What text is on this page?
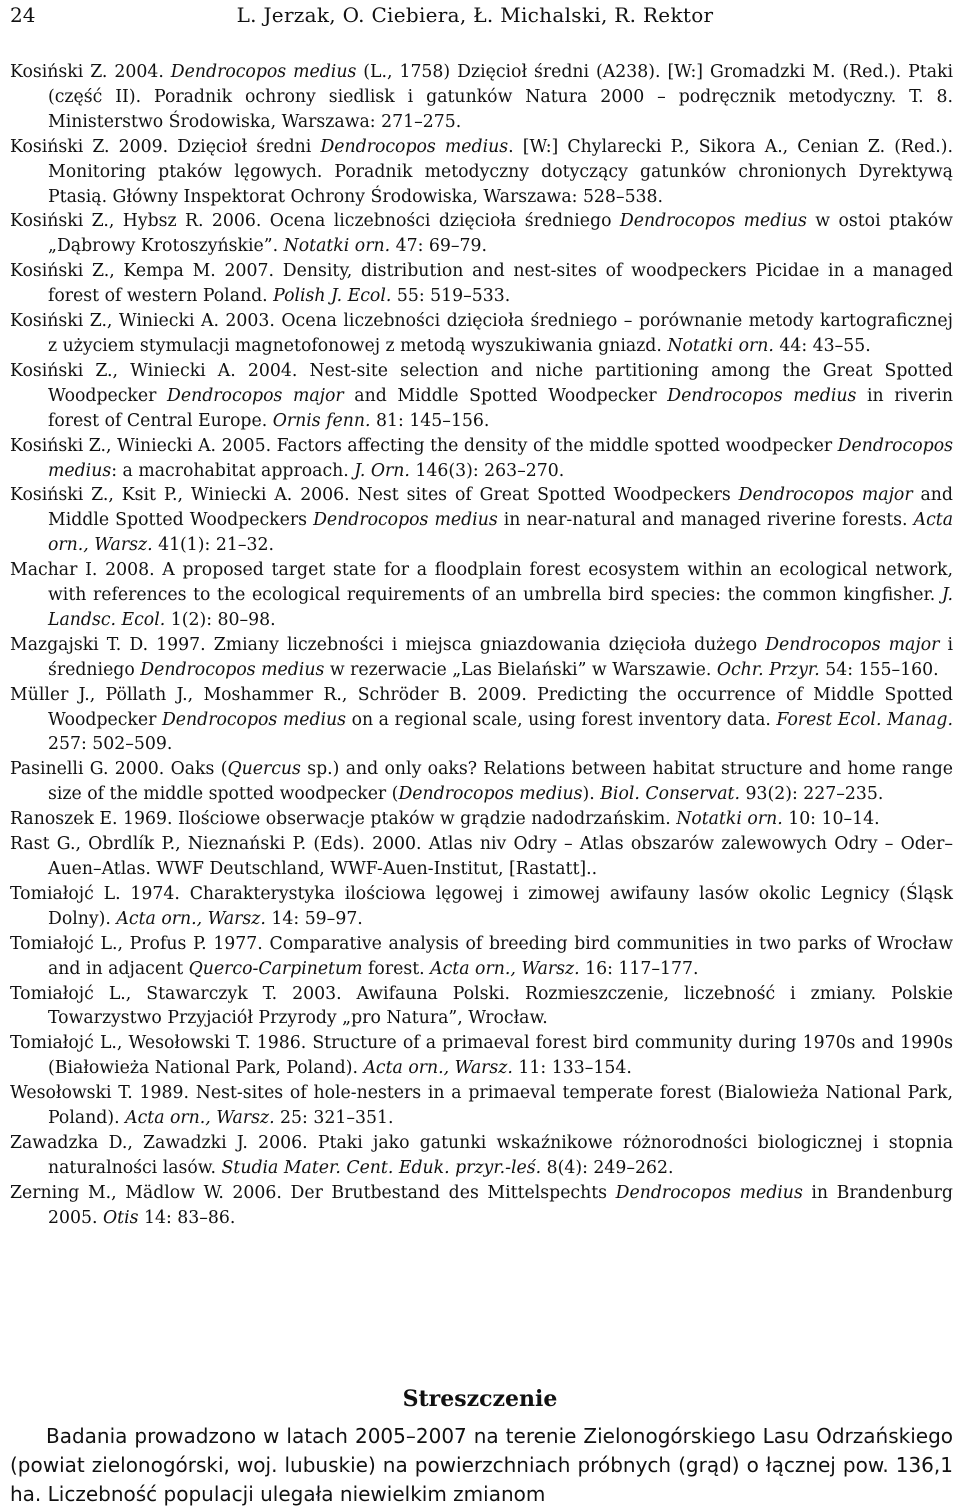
24	L. Jerzak, O. Ciebiera, Ł. Michalski, R. Rektor
Kosiński Z. 2004. Dendrocopos medius (L., 1758) Dzięcioł średni (A238). [W:] Gromadzki M. (Red.). Ptaki (część II). Poradnik ochrony siedlisk i gatunków Natura 2000 – podręcznik metodyczny. T. 8. Ministerstwo Środowiska, Warszawa: 271–275.
Kosiński Z. 2009. Dzięcioł średni Dendrocopos medius. [W:] Chylarecki P., Sikora A., Cenian Z. (Red.). Monitoring ptaków lęgowych. Poradnik metodyczny dotyczący gatunków chronionych Dyrektywą Ptasią. Główny Inspektorat Ochrony Środowiska, Warszawa: 528–538.
Kosiński Z., Hybsz R. 2006. Ocena liczebności dzięcioła średniego Dendrocopos medius w ostoi ptaków „Dąbrowy Krotoszyńskie”. Notatki orn. 47: 69–79.
Kosiński Z., Kempa M. 2007. Density, distribution and nest-sites of woodpeckers Picidae in a managed forest of western Poland. Polish J. Ecol. 55: 519–533.
Kosiński Z., Winiecki A. 2003. Ocena liczebności dzięcioła średniego – porównanie metody kartograficznej z użyciem stymulacji magnetofonowej z metodą wyszukiwania gniazd. Notatki orn. 44: 43–55.
Kosiński Z., Winiecki A. 2004. Nest-site selection and niche partitioning among the Great Spotted Woodpecker Dendrocopos major and Middle Spotted Woodpecker Dendrocopos medius in riverin forest of Central Europe. Ornis fenn. 81: 145–156.
Kosiński Z., Winiecki A. 2005. Factors affecting the density of the middle spotted woodpecker Dendrocopos medius: a macrohabitat approach. J. Orn. 146(3): 263–270.
Kosiński Z., Ksit P., Winiecki A. 2006. Nest sites of Great Spotted Woodpeckers Dendrocopos major and Middle Spotted Woodpeckers Dendrocopos medius in near-natural and managed riverine forests. Acta orn., Warsz. 41(1): 21–32.
Machar I. 2008. A proposed target state for a floodplain forest ecosystem within an ecological network, with references to the ecological requirements of an umbrella bird species: the common kingfisher. J. Landsc. Ecol. 1(2): 80–98.
Mazgajski T. D. 1997. Zmiany liczebności i miejsca gniazdowania dzięcioła dużego Dendrocopos major i średniego Dendrocopos medius w rezerwacie „Las Bielański” w Warszawie. Ochr. Przyr. 54: 155–160.
Müller J., Pöllath J., Moshammer R., Schröder B. 2009. Predicting the occurrence of Middle Spotted Woodpecker Dendrocopos medius on a regional scale, using forest inventory data. Forest Ecol. Manag. 257: 502–509.
Pasinelli G. 2000. Oaks (Quercus sp.) and only oaks? Relations between habitat structure and home range size of the middle spotted woodpecker (Dendrocopos medius). Biol. Conservat. 93(2): 227–235.
Ranoszek E. 1969. Ilościowe obserwacje ptaków w grądzie nadodrzańskim. Notatki orn. 10: 10–14.
Rast G., Obrdlík P., Nieznański P. (Eds). 2000. Atlas niv Odry – Atlas obszarów zalewowych Odry – Oder–Auen–Atlas. WWF Deutschland, WWF-Auen-Institut, [Rastatt]..
Tomiałojć L. 1974. Charakterystyka ilościowa lęgowej i zimowej awifauny lasów okolic Legnicy (Śląsk Dolny). Acta orn., Warsz. 14: 59–97.
Tomiałojć L., Profus P. 1977. Comparative analysis of breeding bird communities in two parks of Wrocław and in adjacent Querco-Carpinetum forest. Acta orn., Warsz. 16: 117–177.
Tomiałojć L., Stawarczyk T. 2003. Awifauna Polski. Rozmieszczenie, liczebność i zmiany. Polskie Towarzystwo Przyjaciół Przyrody „pro Natura”, Wrocław.
Tomiałojć L., Wesołowski T. 1986. Structure of a primaeval forest bird community during 1970s and 1990s (Białowieża National Park, Poland). Acta orn., Warsz. 11: 133–154.
Wesołowski T. 1989. Nest-sites of hole-nesters in a primaeval temperate forest (Bialowieża National Park, Poland). Acta orn., Warsz. 25: 321–351.
Zawadzka D., Zawadzki J. 2006. Ptaki jako gatunki wskaźnikowe różnorodności biologicznej i stopnia naturalności lasów. Studia Mater. Cent. Eduk. przyr.-leś. 8(4): 249–262.
Zerning M., Mädlow W. 2006. Der Brutbestand des Mittelspechts Dendrocopos medius in Brandenburg 2005. Otis 14: 83–86.
Streszczenie
Badania prowadzono w latach 2005–2007 na terenie Zielonogórskiego Lasu Odrzańskiego (powiat zielonogórski, woj. lubuskie) na powierzchniach próbnych (grąd) o łącznej pow. 136,1 ha. Liczebność populacji ulegała niewielkim zmianom
